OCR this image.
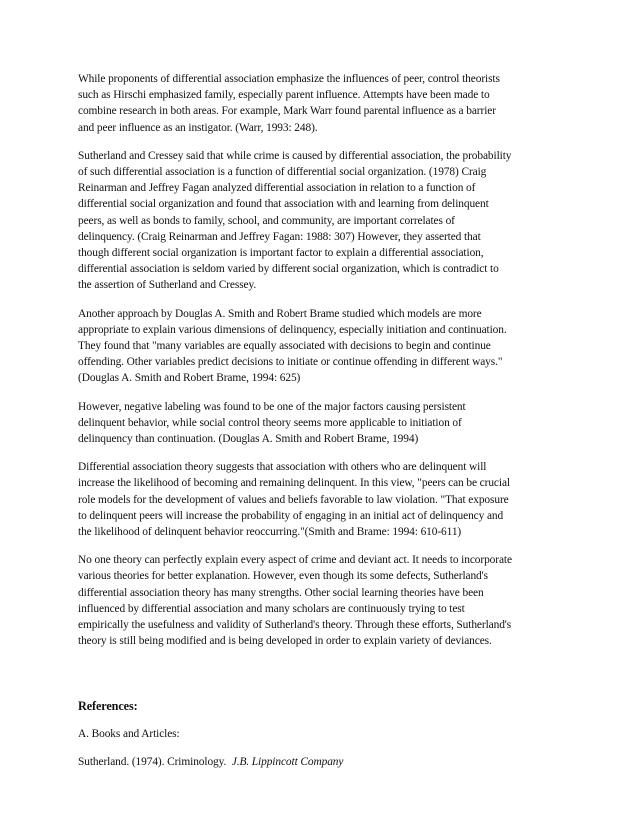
While proponents of differential association emphasize the influences of peer, control theorists
such as Hirschi emphasized family, especially parent influence. Attempts have been made to
combine research in both areas. For example, Mark Warr found parental influence as a barrier
and peer influence as an instigator. (Warr, 1993: 248).

Sutherland and Cressey said that while crime is caused by differential association, the probability
of such differential association is a function of differential social organization. (1978) Craig
Reinarman and Jeffrey Fagan analyzed differential association in relation to a function of
differential social organization and found that association with and learning from delinquent
peers, as well as bonds to family, school, and community, are important correlates of
delinquency. (Craig Reinarman and Jeffrey Fagan: 1988: 307) However, they asserted that
though different social organization is important factor to explain a differential association,
differential association is seldom varied by different social organization, which is contradict to
the assertion of Sutherland and Cressey.

Another approach by Douglas A. Smith and Robert Brame studied which models are more
appropriate to explain various dimensions of delinquency, especially initiation and continuation.
They found that "many variables are equally associated with decisions to begin and continue
offending. Other variables predict decisions to initiate or continue offending in different ways."
(Douglas A. Smith and Robert Brame, 1994: 625)

However, negative labeling was found to be one of the major factors causing persistent
delinquent behavior, while social control theory seems more applicable to initiation of
delinquency than continuation. (Douglas A. Smith and Robert Brame, 1994)

Differential association theory suggests that association with others who are delinquent will
increase the likelihood of becoming and remaining delinquent. In this view, "peers can be crucial
role models for the development of values and beliefs favorable to law violation. "That exposure
to delinquent peers will increase the probability of engaging in an initial act of delinquency and
the likelihood of delinquent behavior reoccurring."(Smith and Brame: 1994: 610-611)

No one theory can perfectly explain every aspect of crime and deviant act. It needs to incorporate
various theories for better explanation. However, even though its some defects, Sutherland's
differential association theory has many strengths. Other social learning theories have been
influenced by differential association and many scholars are continuously trying to test
empirically the usefulness and validity of Sutherland's theory. Through these efforts, Sutherland's
theory is still being modified and is being developed in order to explain variety of deviances.

References:

A. Books and Articles:

Sutherland. (1974). Criminology. J.B. Lippincott Company
